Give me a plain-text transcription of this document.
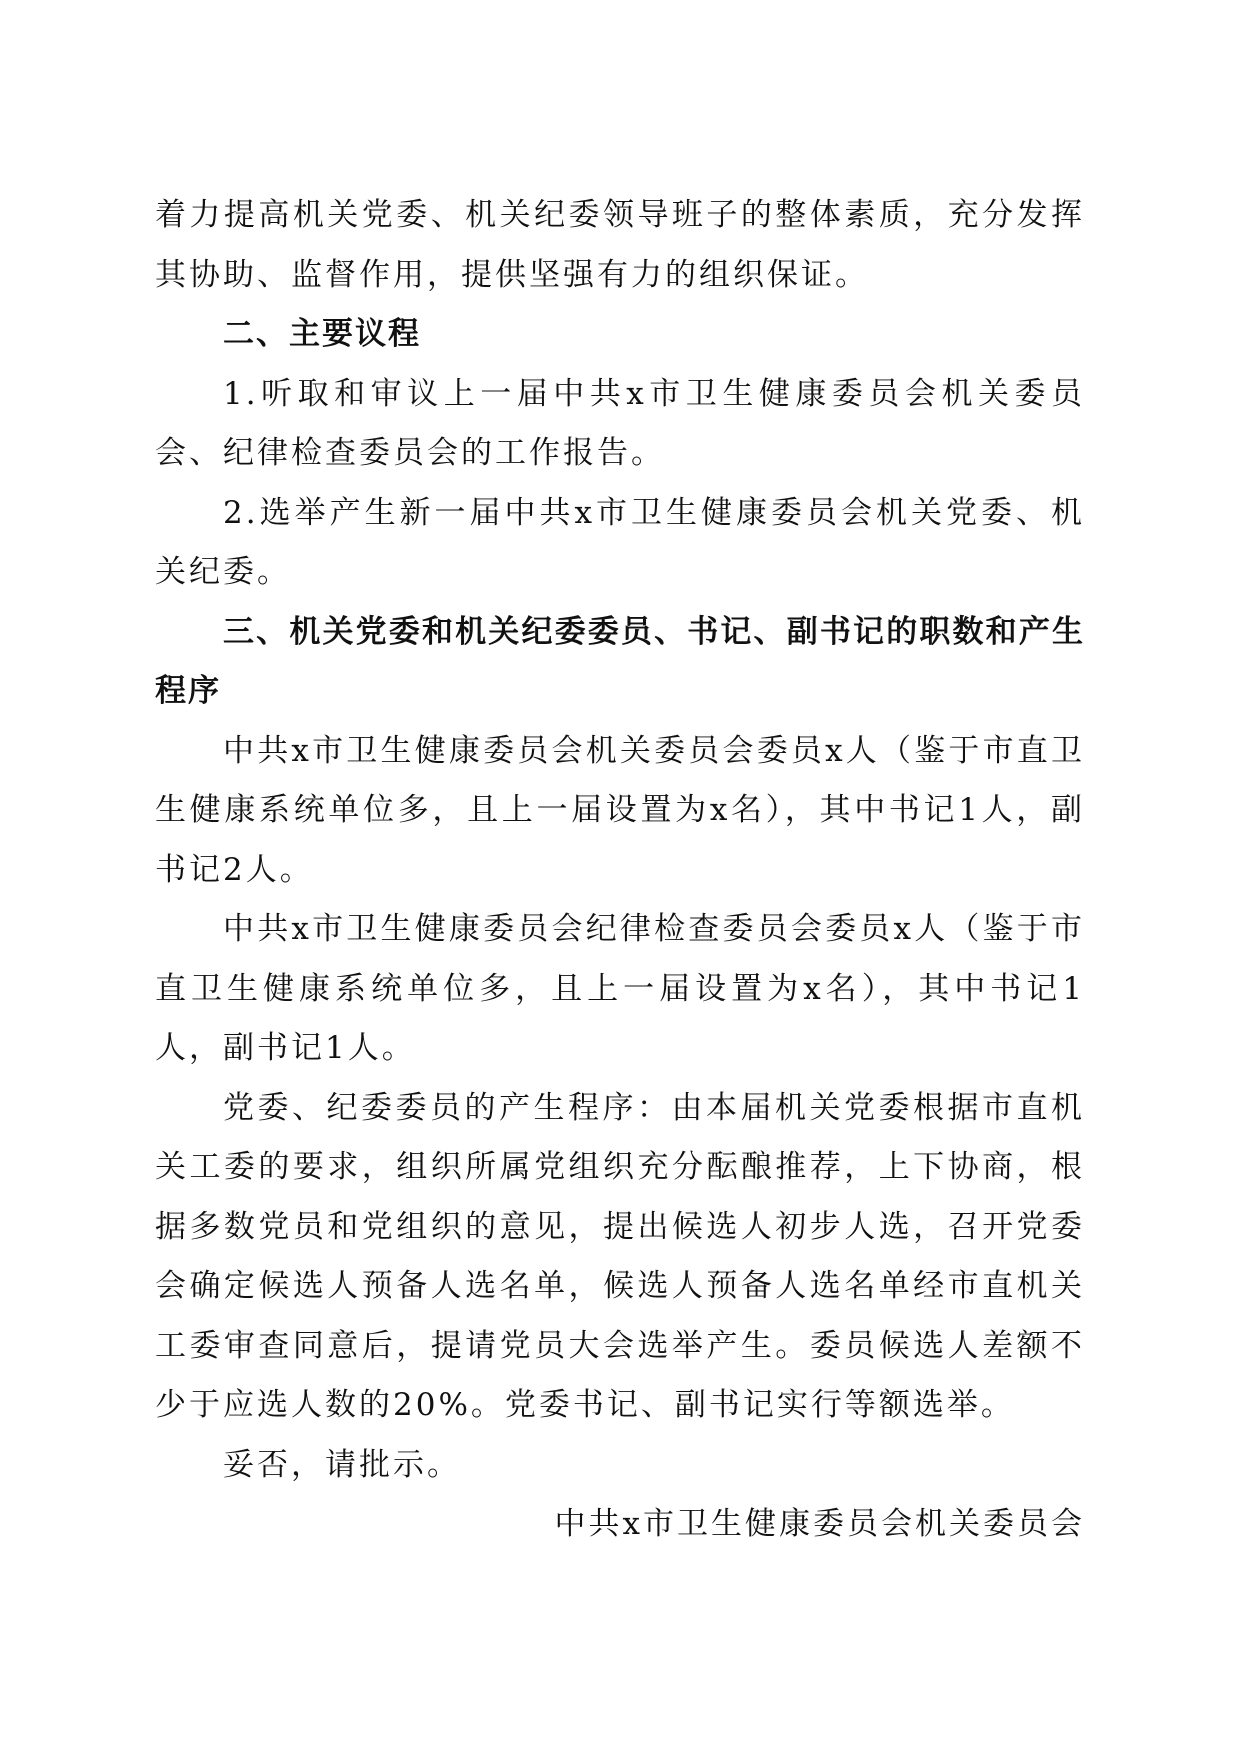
着力提高机关党委、机关纪委领导班子的整体素质，充分发挥其协助、监督作用，提供坚强有力的组织保证。

二、主要议程

1.听取和审议上一届中共x市卫生健康委员会机关委员会、纪律检查委员会的工作报告。

2.选举产生新一届中共x市卫生健康委员会机关党委、机关纪委。

三、机关党委和机关纪委委员、书记、副书记的职数和产生程序

中共x市卫生健康委员会机关委员会委员x人（鉴于市直卫生健康系统单位多，且上一届设置为x名），其中书记1人，副书记2人。

中共x市卫生健康委员会纪律检查委员会委员x人（鉴于市直卫生健康系统单位多，且上一届设置为x名），其中书记1人，副书记1人。

党委、纪委委员的产生程序：由本届机关党委根据市直机关工委的要求，组织所属党组织充分酝酿推荐，上下协商，根据多数党员和党组织的意见，提出候选人初步人选，召开党委会确定候选人预备人选名单，候选人预备人选名单经市直机关工委审查同意后，提请党员大会选举产生。委员候选人差额不少于应选人数的20%。党委书记、副书记实行等额选举。

妥否，请批示。

中共x市卫生健康委员会机关委员会
